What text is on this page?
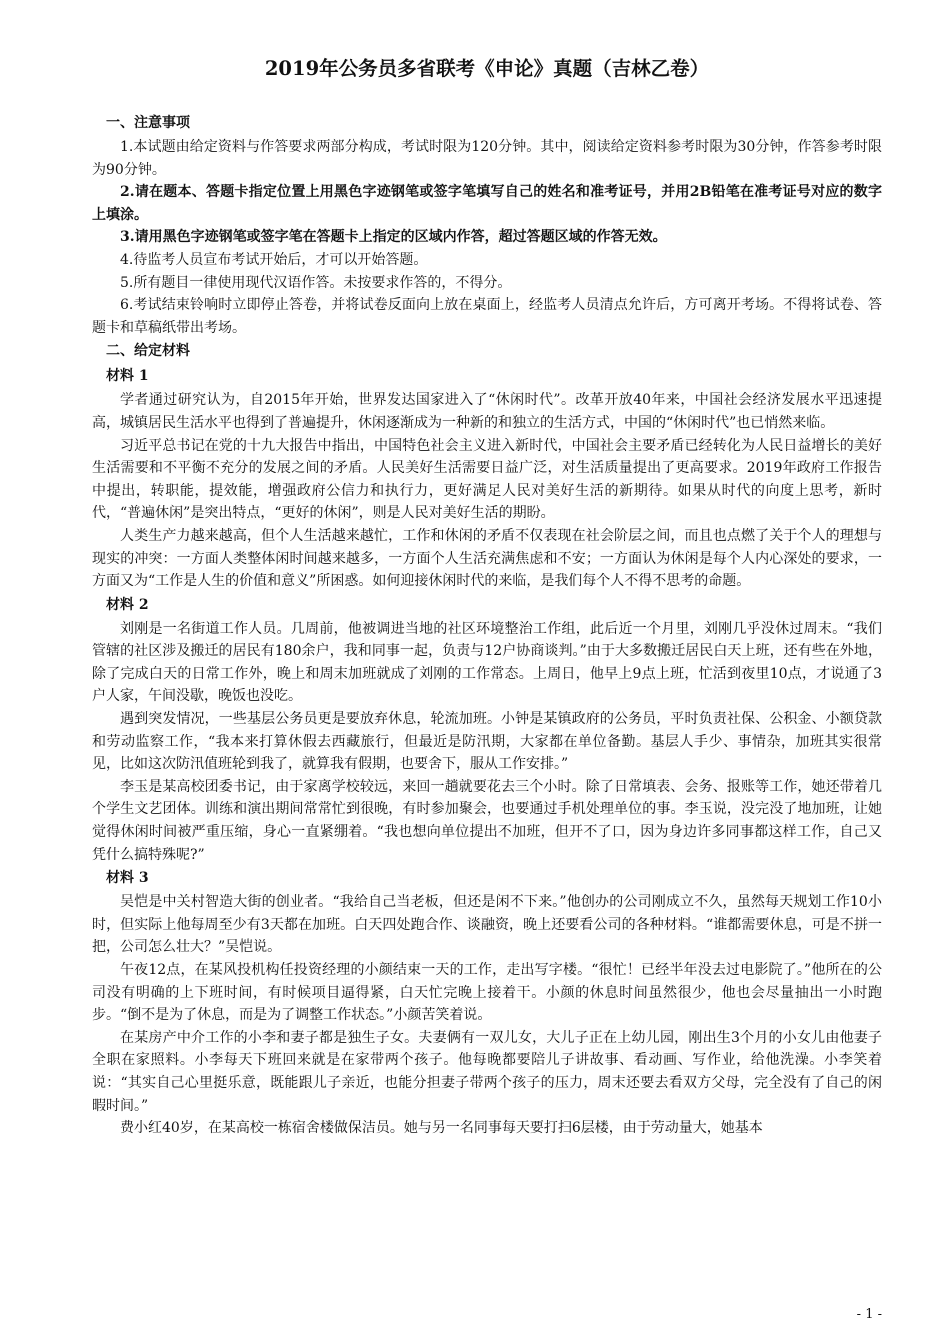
2019年公务员多省联考《申论》真题（吉林乙卷）
一、注意事项

1.本试题由给定资料与作答要求两部分构成，考试时限为120分钟。其中，阅读给定资料参考时限为30分钟，作答参考时限为90分钟。

2.请在题本、答题卡指定位置上用黑色字迹钢笔或签字笔填写自己的姓名和准考证号，并用2B铅笔在准考证号对应的数字上填涂。

3.请用黑色字迹钢笔或签字笔在答题卡上指定的区域内作答，超过答题区域的作答无效。

4.待监考人员宣布考试开始后，才可以开始答题。

5.所有题目一律使用现代汉语作答。未按要求作答的，不得分。

6.考试结束铃响时立即停止答卷，并将试卷反面向上放在桌面上，经监考人员清点允许后，方可离开考场。不得将试卷、答题卡和草稿纸带出考场。

二、给定材料
材料 1

学者通过研究认为，自2015年开始，世界发达国家进入了“休闲时代”。改革开放40年来，中国社会经济发展水平迅速提高，城镇居民生活水平也得到了普遍提升，休闲逐渐成为一种新的和独立的生活方式，中国的“休闲时代”也已悄然来临。

习近平总书记在党的十九大报告中指出，中国特色社会主义进入新时代，中国社会主要矛盾已经转化为人民日益增长的美好生活需要和不平衡不充分的发展之间的矛盾。人民美好生活需要日益广泛，对生活质量提出了更高要求。2019年政府工作报告中提出，转职能，提效能，增强政府公信力和执行力，更好满足人民对美好生活的新期待。如果从时代的向度上思考，新时代，“普遍休闲”是突出特点，“更好的休闲”，则是人民对美好生活的期盼。

人类生产力越来越高，但个人生活越来越忙，工作和休闲的矛盾不仅表现在社会阶层之间，而且也点燃了关于个人的理想与现实的冲突：一方面人类整体闲时间越来越多，一方面个人生活充满焦虑和不安；一方面认为休闲是每个人内心深处的要求，一方面又为“工作是人生的价值和意义”所困惑。如何迎接休闲时代的来临，是我们每个人不得不思考的命题。

材料 2

刘刚是一名街道工作人员。几周前，他被调进当地的社区环境整治工作组，此后近一个月里，刘刚几乎没休过周末。“我们管辖的社区涉及搬迁的居民有180余户，我和同事一起，负责与12户协商谈判。”由于大多数搬迁居民白天上班，还有些在外地，除了完成白天的日常工作外，晚上和周末加班就成了刘刚的工作常态。上周日，他早上9点上班，忙活到夜里10点，才说通了3户人家，午间没歇，晚饭也没吃。

遇到突发情况，一些基层公务员更是要放弃休息，轮流加班。小钟是某镇政府的公务员，平时负责社保、公积金、小额贷款和劳动监察工作，“我本来打算休假去西藏旅行，但最近是防汛期，大家都在单位备勤。基层人手少、事情杂，加班其实很常见，比如这次防汛值班轮到我了，就算我有假期，也要舍下，服从工作安排。”

李玉是某高校团委书记，由于家离学校较远，来回一趟就要花去三个小时。除了日常填表、会务、报账等工作，她还带着几个学生文艺团体。训练和演出期间常常忙到很晚，有时参加聚会，也要通过手机处理单位的事。李玉说，没完没了地加班，让她觉得休闲时间被严重压缩，身心一直紧绷着。“我也想向单位提出不加班，但开不了口，因为身边许多同事都这样工作，自己又凭什么搞特殊呢?”

材料 3

吴恺是中关村智造大街的创业者。“我给自己当老板，但还是闲不下来。”他创办的公司刚成立不久，虽然每天规划工作10小时，但实际上他每周至少有3天都在加班。白天四处跑合作、谈融资，晚上还要看公司的各种材料。“谁都需要休息，可是不拼一把，公司怎么壮大？”吴恺说。

午夜12点，在某风投机构任投资经理的小颜结束一天的工作，走出写字楼。“很忙！已经半年没去过电影院了。”他所在的公司没有明确的上下班时间，有时候项目逼得紧，白天忙完晚上接着干。小颜的休息时间虽然很少，他也会尽量抽出一小时跑步。“倒不是为了休息，而是为了调整工作状态。”小颜苦笑着说。

在某房产中介工作的小李和妻子都是独生子女。夫妻俩有一双儿女，大儿子正在上幼儿园，刚出生3个月的小女儿由他妻子全职在家照料。小李每天下班回来就是在家带两个孩子。他每晚都要陪儿子讲故事、看动画、写作业，给他洗澡。小李笑着说：“其实自己心里挺乐意，既能跟儿子亲近，也能分担妻子带两个孩子的压力，周末还要去看双方父母，完全没有了自己的闲暇时间。”

费小红40岁，在某高校一栋宿舍楼做保洁员。她与另一名同事每天要打扫6层楼，由于劳动量大，她基本

- 1 -
